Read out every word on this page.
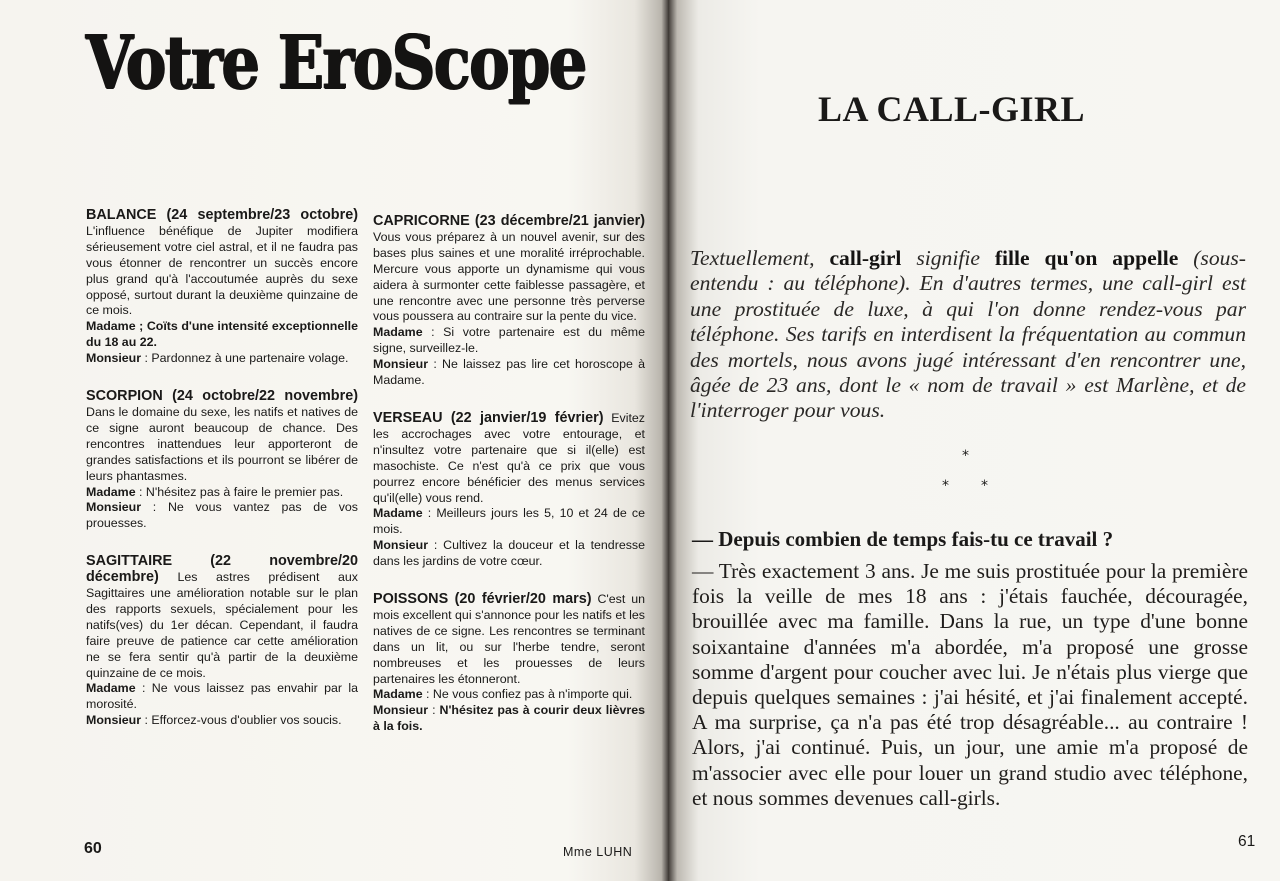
Votre EroScope
BALANCE (24 septembre/23 octobre) L'influence bénéfique de Jupiter modifiera sérieusement votre ciel astral, et il ne faudra pas vous étonner de rencontrer un succès encore plus grand qu'à l'accoutumée auprès du sexe opposé, surtout durant la deuxième quinzaine de ce mois.
Madame ; Coïts d'une intensité exceptionnelle du 18 au 22.
Monsieur : Pardonnez à une partenaire volage.
SCORPION (24 octobre/22 novembre) Dans le domaine du sexe, les natifs et natives de ce signe auront beaucoup de chance. Des rencontres inattendues leur apporteront de grandes satisfactions et ils pourront se libérer de leurs phantasmes.
Madame : N'hésitez pas à faire le premier pas.
Monsieur : Ne vous vantez pas de vos prouesses.
SAGITTAIRE (22 novembre/20 décembre) Les astres prédisent aux Sagittaires une amélioration notable sur le plan des rapports sexuels, spécialement pour les natifs(ves) du 1er décan. Cependant, il faudra faire preuve de patience car cette amélioration ne se fera sentir qu'à partir de la deuxième quinzaine de ce mois.
Madame : Ne vous laissez pas envahir par la morosité.
Monsieur : Efforcez-vous d'oublier vos soucis.
CAPRICORNE (23 décembre/21 janvier) Vous vous préparez à un nouvel avenir, sur des bases plus saines et une moralité irréprochable. Mercure vous apporte un dynamisme qui vous aidera à surmonter cette faiblesse passagère, et une rencontre avec une personne très perverse vous poussera au contraire sur la pente du vice.
Madame : Si votre partenaire est du même signe, surveillez-le.
Monsieur : Ne laissez pas lire cet horoscope à Madame.
VERSEAU (22 janvier/19 février) Evitez les accrochages avec votre entourage, et n'insultez votre partenaire que si il(elle) est masochiste. Ce n'est qu'à ce prix que vous pourrez encore bénéficier des menus services qu'il(elle) vous rend.
Madame : Meilleurs jours les 5, 10 et 24 de ce mois.
Monsieur : Cultivez la douceur et la tendresse dans les jardins de votre cœur.
POISSONS (20 février/20 mars) C'est un mois excellent qui s'annonce pour les natifs et les natives de ce signe. Les rencontres se terminant dans un lit, ou sur l'herbe tendre, seront nombreuses et les prouesses de leurs partenaires les étonneront.
Madame : Ne vous confiez pas à n'importe qui.
Monsieur : N'hésitez pas à courir deux lièvres à la fois.
60	Mme LUHN
LA CALL-GIRL
Textuellement, call-girl signifie fille qu'on appelle (sous-entendu : au téléphone). En d'autres termes, une call-girl est une prostituée de luxe, à qui l'on donne rendez-vous par téléphone. Ses tarifs en interdisent la fréquentation au commun des mortels, nous avons jugé intéressant d'en rencontrer une, âgée de 23 ans, dont le « nom de travail » est Marlène, et de l'interroger pour vous.
*
* *
— Depuis combien de temps fais-tu ce travail ?
— Très exactement 3 ans. Je me suis prostituée pour la première fois la veille de mes 18 ans : j'étais fauchée, découragée, brouillée avec ma famille. Dans la rue, un type d'une bonne soixantaine d'années m'a abordée, m'a proposé une grosse somme d'argent pour coucher avec lui. Je n'étais plus vierge que depuis quelques semaines : j'ai hésité, et j'ai finalement accepté. A ma surprise, ça n'a pas été trop désagréable... au contraire ! Alors, j'ai continué. Puis, un jour, une amie m'a proposé de m'associer avec elle pour louer un grand studio avec téléphone, et nous sommes devenues call-girls.
61
